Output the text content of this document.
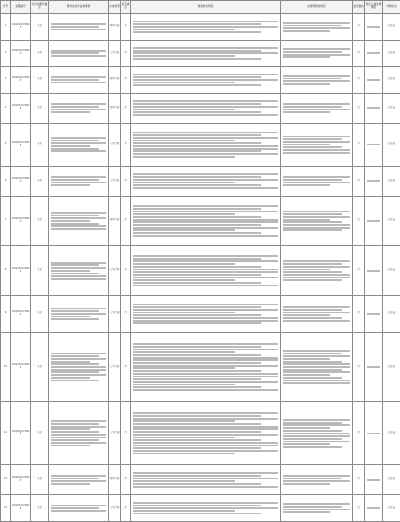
序号	受理编号	交办问题所属区	群众信访件反映事项	污染类型	是否重点	调查核实情况	处理和整改情况	是否属实	责任人被处理情况	办理状态
1	D1QZ20170805	市北		噪声污染	否			否		已办结
2	D1QZ20170805	市北		大气污染	否			否		已办结
3	D1QZ20170805	市北		噪声污染	否			否		已办结
4	D1QZ20170805	市北		噪声污染	否			否		已办结
5	D1QZ20170805	市北		大气污染	否			否		已办结
6	D1QZ20170805	市北		大气污染	否			否		已办结
7	D1QZ20170805	市北		噪声污染	否			否		已办结
8	D1QZ20170805	市北		大气污染	否			否		已办结
9	D1QZ20170805	市北		大气污染	否			否		已办结
10	D1QZ20170805	市北		大气污染	否			否		已办结
11	D1QZ20170805	市北		大气污染	否			否		已办结
12	D1QZ20170805	市北		噪声污染	否			否		已办结
13	D1QZ20170805	市北		大气污染	否			否		已办结
